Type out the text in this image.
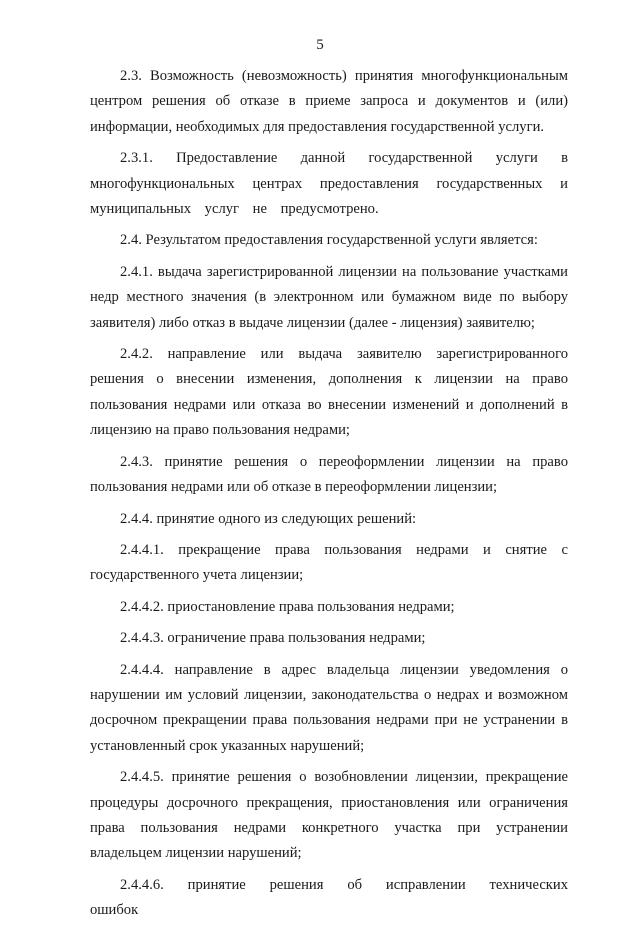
5

2.3. Возможность (невозможность) принятия многофункциональным центром решения об отказе в приеме запроса и документов и (или) информации, необходимых для предоставления государственной услуги.

2.3.1. Предоставление данной государственной услуги в многофункциональных центрах предоставления государственных и муниципальных услуг не предусмотрено.

2.4. Результатом предоставления государственной услуги является:

2.4.1. выдача зарегистрированной лицензии на пользование участками недр местного значения (в электронном или бумажном виде по выбору заявителя) либо отказ в выдаче лицензии (далее - лицензия) заявителю;

2.4.2. направление или выдача заявителю зарегистрированного решения о внесении изменения, дополнения к лицензии на право пользования недрами или отказа во внесении изменений и дополнений в лицензию на право пользования недрами;

2.4.3. принятие решения о переоформлении лицензии на право пользования недрами или об отказе в переоформлении лицензии;

2.4.4. принятие одного из следующих решений:

2.4.4.1. прекращение права пользования недрами и снятие с государственного учета лицензии;

2.4.4.2. приостановление права пользования недрами;

2.4.4.3. ограничение права пользования недрами;

2.4.4.4. направление в адрес владельца лицензии уведомления о нарушении им условий лицензии, законодательства о недрах и возможном досрочном прекращении права пользования недрами при не устранении в установленный срок указанных нарушений;

2.4.4.5. принятие решения о возобновлении лицензии, прекращение процедуры досрочного прекращения, приостановления или ограничения права пользования недрами конкретного участка при устранении владельцем лицензии нарушений;

2.4.4.6. принятие решения об исправлении технических ошибок
